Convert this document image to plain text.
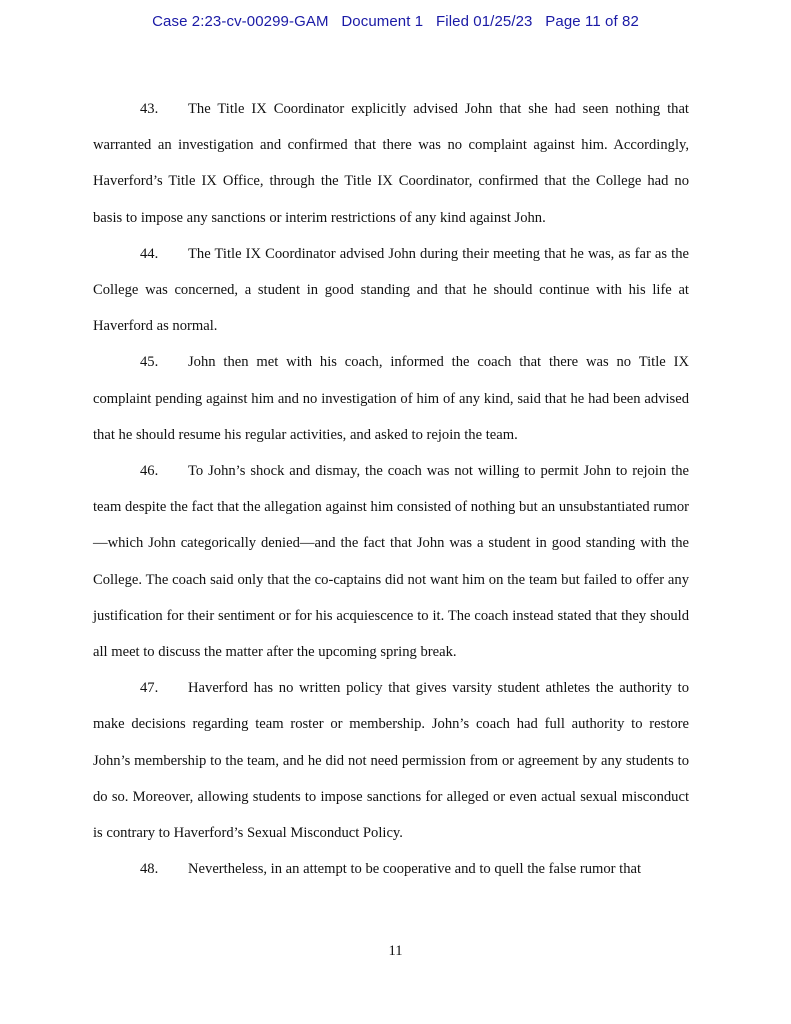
Case 2:23-cv-00299-GAM   Document 1   Filed 01/25/23   Page 11 of 82

43. The Title IX Coordinator explicitly advised John that she had seen nothing that warranted an investigation and confirmed that there was no complaint against him. Accordingly, Haverford’s Title IX Office, through the Title IX Coordinator, confirmed that the College had no basis to impose any sanctions or interim restrictions of any kind against John.

44. The Title IX Coordinator advised John during their meeting that he was, as far as the College was concerned, a student in good standing and that he should continue with his life at Haverford as normal.

45. John then met with his coach, informed the coach that there was no Title IX complaint pending against him and no investigation of him of any kind, said that he had been advised that he should resume his regular activities, and asked to rejoin the team.

46. To John’s shock and dismay, the coach was not willing to permit John to rejoin the team despite the fact that the allegation against him consisted of nothing but an unsubstantiated rumor—which John categorically denied—and the fact that John was a student in good standing with the College. The coach said only that the co-captains did not want him on the team but failed to offer any justification for their sentiment or for his acquiescence to it. The coach instead stated that they should all meet to discuss the matter after the upcoming spring break.

47. Haverford has no written policy that gives varsity student athletes the authority to make decisions regarding team roster or membership. John’s coach had full authority to restore John’s membership to the team, and he did not need permission from or agreement by any students to do so. Moreover, allowing students to impose sanctions for alleged or even actual sexual misconduct is contrary to Haverford’s Sexual Misconduct Policy.

48. Nevertheless, in an attempt to be cooperative and to quell the false rumor that

11
